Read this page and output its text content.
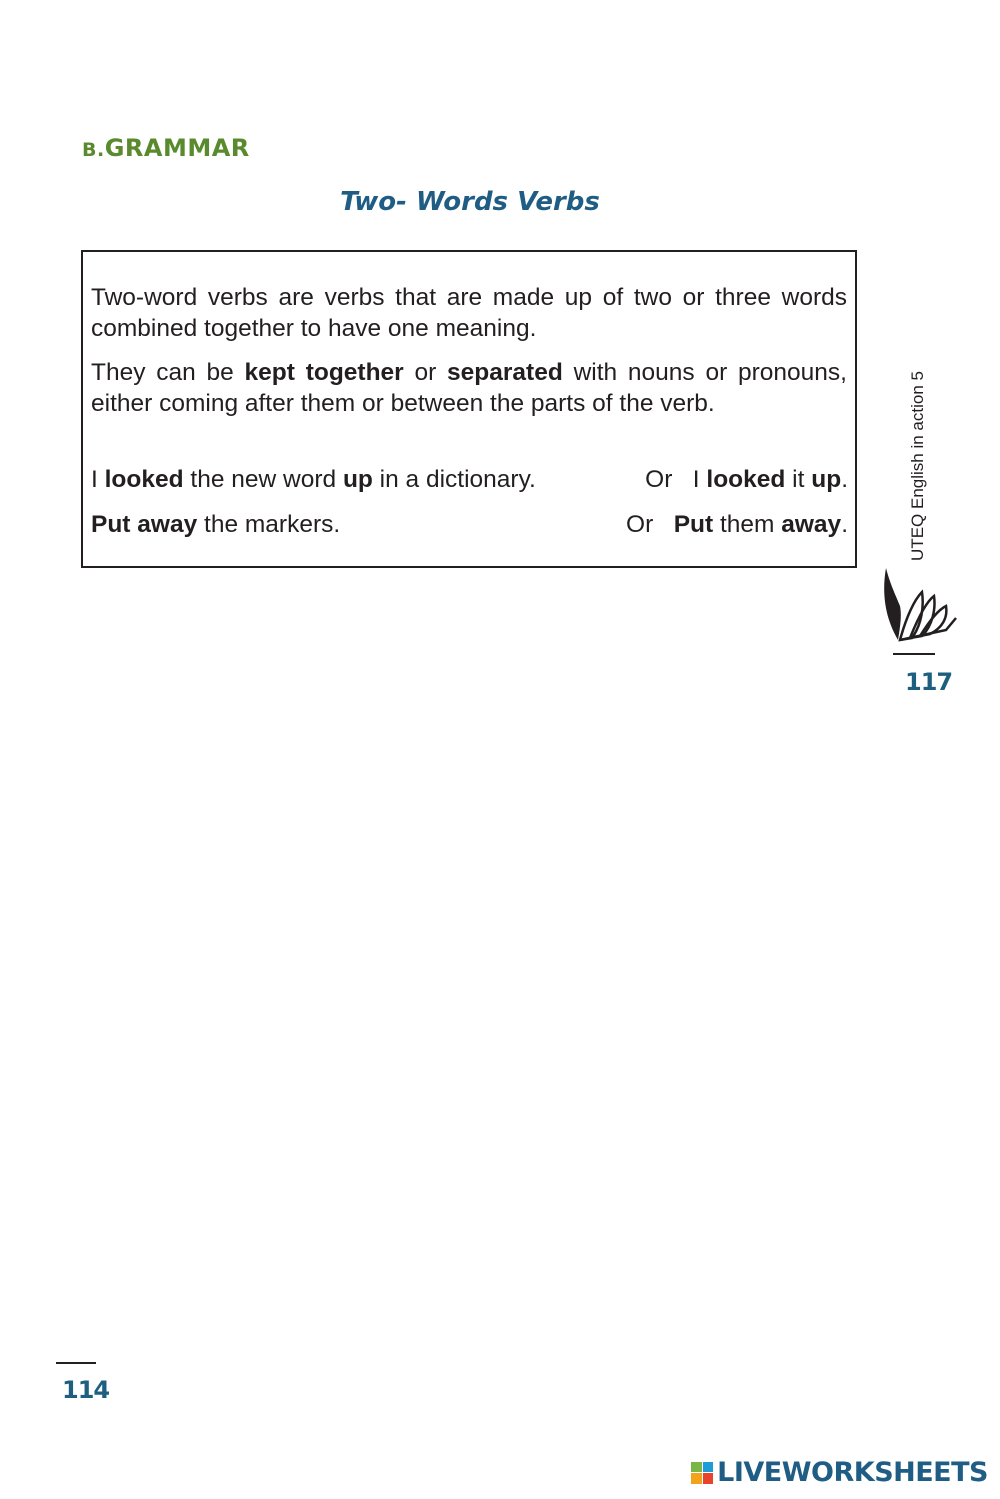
B.GRAMMAR
Two- Words Verbs
Two-word verbs are verbs that are made up of two or three words combined together to have one meaning.
They can be kept together or separated with nouns or pronouns, either coming after them or between the parts of the verb.
I looked the new word up in a dictionary.	Or I looked it up.
Put away the markers.	Or Put them away.	UTEQ English in action 5
117
114
LIVEWORKSHEETS
